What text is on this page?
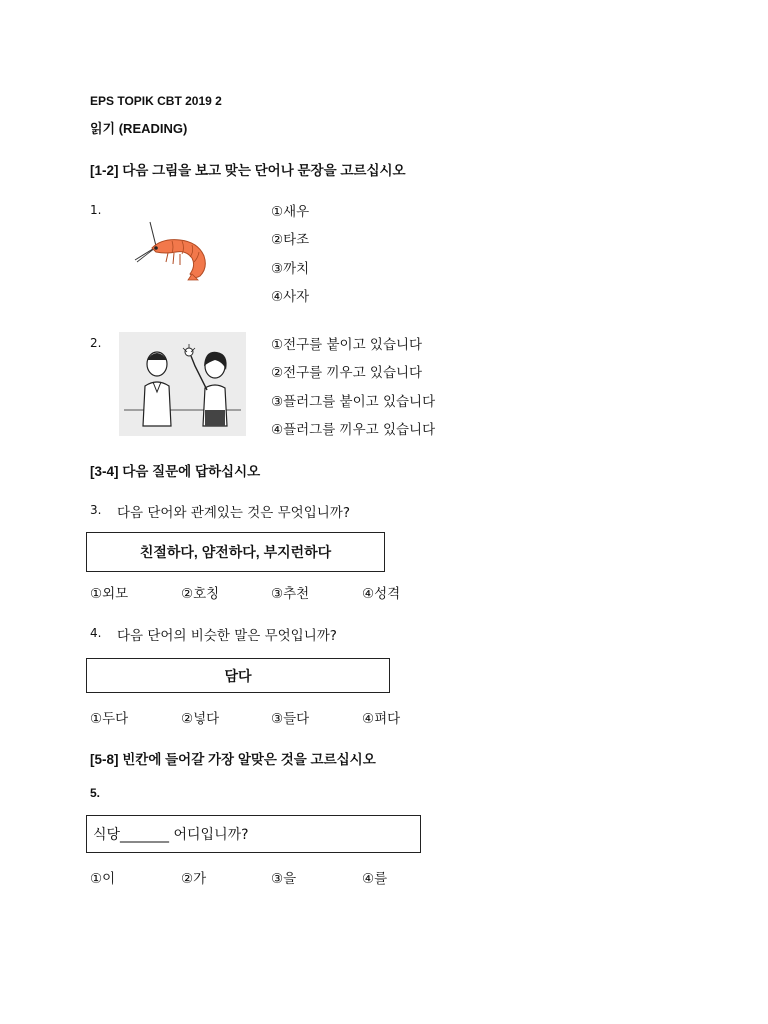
EPS TOPIK CBT 2019 2
읽기 (READING)
[1-2] 다음 그림을 보고 맞는 단어나 문장을 고르십시오
1.	①새우
②타조
③까치
④사자
2.	①전구를 붙이고 있습니다
②전구를 끼우고 있습니다
③플러그를 붙이고 있습니다
④플러그를 끼우고 있습니다
[3-4] 다음 질문에 답하십시오
3. 다음 단어와 관계있는 것은 무엇입니까?
친절하다, 얌전하다, 부지런하다
①외모	②호칭	③추천	④성격
4. 다음 단어의 비슷한 말은 무엇입니까?
담다
①두다	②넣다	③들다	④펴다
[5-8] 빈칸에 들어갈 가장 알맞은 것을 고르십시오
5.
식당_______ 어디입니까?
①이	②가	③을	④를
